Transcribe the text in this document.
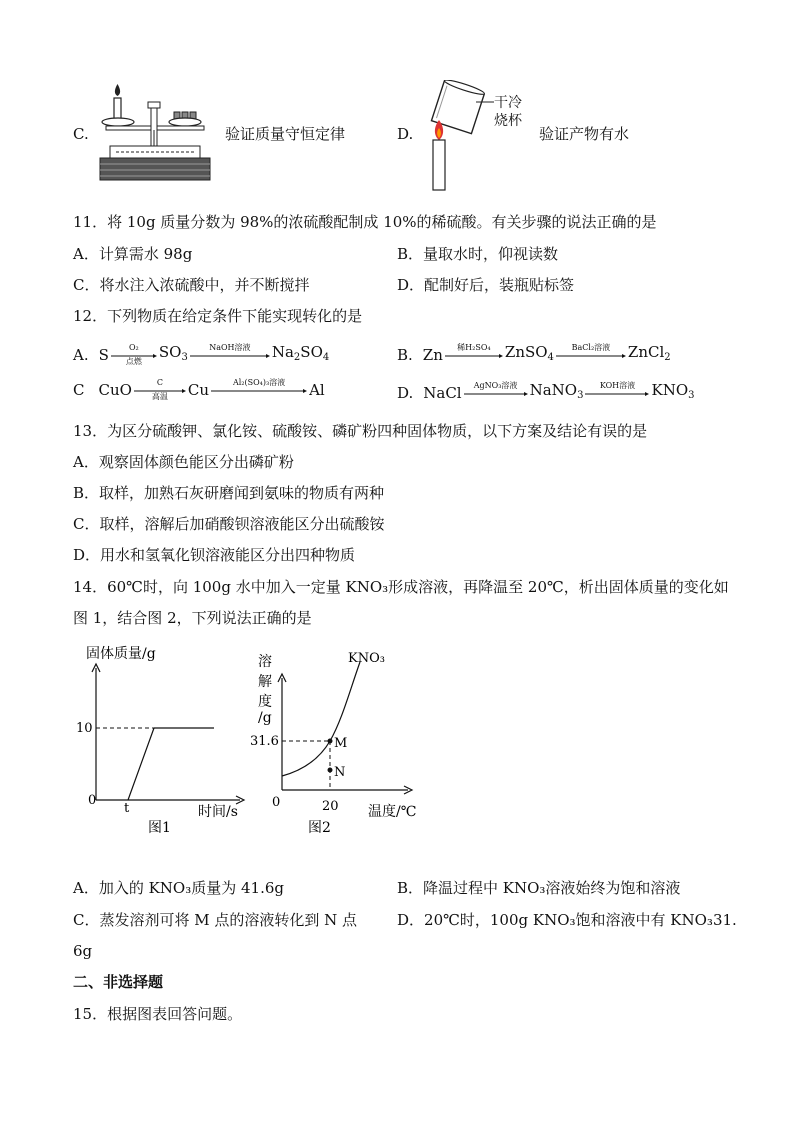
C.	验证质量守恒定律	D.
干冷
烧杯
验证产物有水
11．将 10g 质量分数为 98%的浓硫酸配制成 10%的稀硫酸。有关步骤的说法正确的是
A．计算需水 98g	B．量取水时，仰视读数
C．将水注入浓硫酸中，并不断搅拌	D．配制好后，装瓶贴标签
12．下列物质在给定条件下能实现转化的是
A. S	O₂
点燃
$SO_3$
NaOH溶液	$Na_2SO_4$	B. Zn	稀H₂SO₄ ZnSO$_4$
BaCl₂溶液	ZnCl$_2$
C CuO	C
高温	Cu	Al₂(SO₄)₃溶液	Al	D. NaCl	AgNO₃溶液 NaNO$_3$
KOH溶液	$KNO_3$
13．为区分硫酸钾、氯化铵、硫酸铵、磷矿粉四种固体物质，以下方案及结论有误的是
A．观察固体颜色能区分出磷矿粉
B．取样，加熟石灰研磨闻到氨味的物质有两种
C．取样，溶解后加硝酸钡溶液能区分出硫酸铵
D．用水和氢氧化钡溶液能区分出四种物质
14．60℃时，向 100g 水中加入一定量 KNO₃形成溶液，再降温至 20℃，析出固体质量的变化如
图 1，结合图 2，下列说法正确的是
固体质量/g
10
0
t	时间/s
图1
溶
解
度
/g
KNO₃
31.6	M
N
0	20 温度/℃
图2
A．加入的 KNO₃质量为 41.6g	B．降温过程中 KNO₃溶液始终为饱和溶液
C．蒸发溶剂可将 M 点的溶液转化到 N 点	D．20℃时，100g KNO₃饱和溶液中有 KNO₃31.
6g
二、非选择题
15．根据图表回答问题。
